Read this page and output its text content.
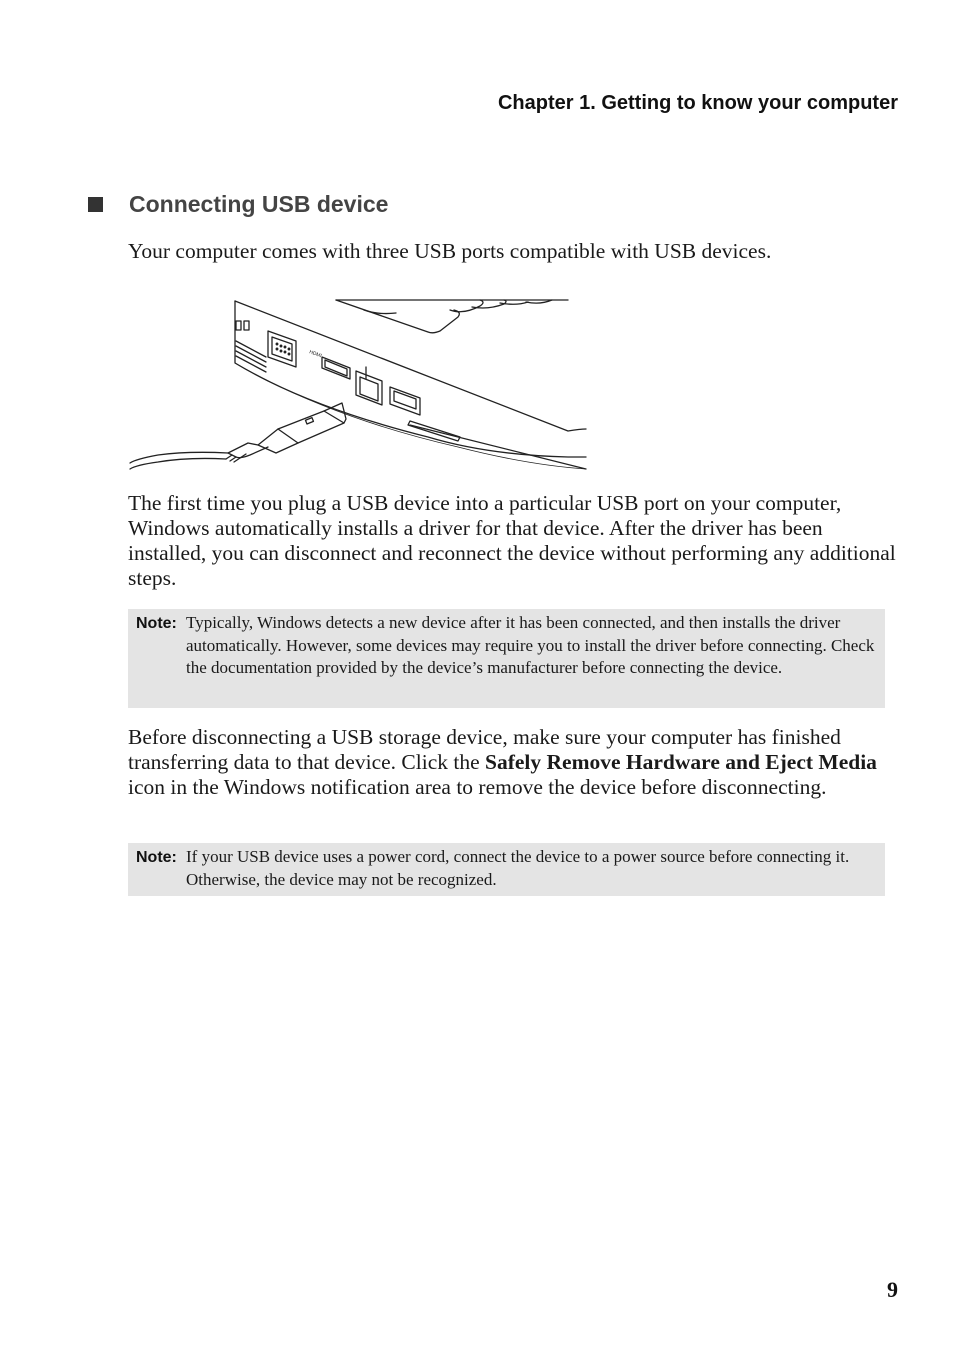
Chapter 1. Getting to know your computer
Connecting USB device
Your computer comes with three USB ports compatible with USB devices.
HDMI
The first time you plug a USB device into a particular USB port on your computer, Windows automatically installs a driver for that device. After the driver has been installed, you can disconnect and reconnect the device without performing any additional steps.
Note: Typically, Windows detects a new device after it has been connected, and then installs the driver automatically. However, some devices may require you to install the driver before connecting. Check the documentation provided by the device’s manufacturer before connecting the device.
Before disconnecting a USB storage device, make sure your computer has finished transferring data to that device. Click the Safely Remove Hardware and Eject Media icon in the Windows notification area to remove the device before disconnecting.
Note: If your USB device uses a power cord, connect the device to a power source before connecting it. Otherwise, the device may not be recognized.
9
